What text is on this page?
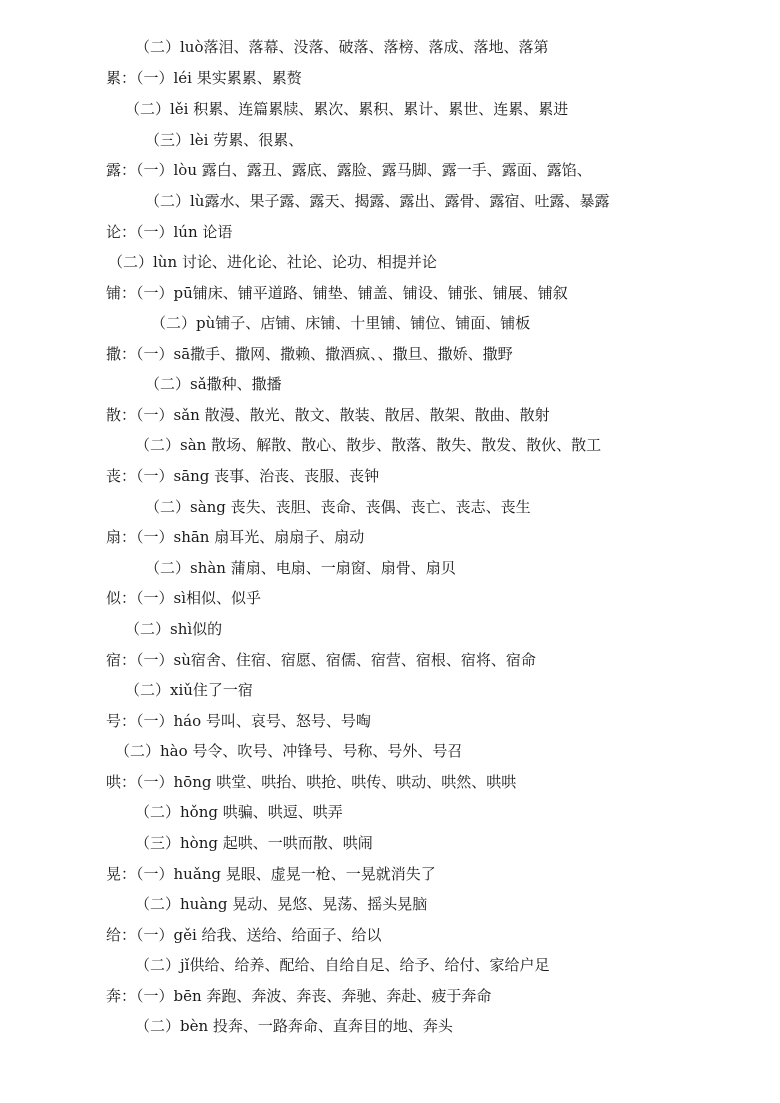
（二）luò落泪、落幕、没落、破落、落榜、落成、落地、落第
累：（一）léi 果实累累、累赘
（二）lěi 积累、连篇累牍、累次、累积、累计、累世、连累、累进
（三）lèi 劳累、很累、
露：（一）lòu 露白、露丑、露底、露脸、露马脚、露一手、露面、露馅、
（二）lù露水、果子露、露天、揭露、露出、露骨、露宿、吐露、暴露
论：（一）lún 论语
（二）lùn 讨论、进化论、社论、论功、相提并论
铺：（一）pū铺床、铺平道路、铺垫、铺盖、铺设、铺张、铺展、铺叙
（二）pù铺子、店铺、床铺、十里铺、铺位、铺面、铺板
撒：（一）sā撒手、撒网、撒赖、撒酒疯、、撒旦、撒娇、撒野
（二）sǎ撒种、撒播
散：（一）sǎn 散漫、散光、散文、散装、散居、散架、散曲、散射
（二）sàn 散场、解散、散心、散步、散落、散失、散发、散伙、散工
丧：（一）sāng 丧事、治丧、丧服、丧钟
（二）sàng 丧失、丧胆、丧命、丧偶、丧亡、丧志、丧生
扇：（一）shān 扇耳光、扇扇子、扇动
（二）shàn 蒲扇、电扇、一扇窗、扇骨、扇贝
似：（一）sì相似、似乎
（二）shì似的
宿：（一）sù宿舍、住宿、宿愿、宿儒、宿营、宿根、宿将、宿命
（二）xiǔ住了一宿
号：（一）háo 号叫、哀号、怒号、号啕
（二）hào 号令、吹号、冲锋号、号称、号外、号召
哄：（一）hōng 哄堂、哄抬、哄抢、哄传、哄动、哄然、哄哄
（二）hǒng 哄骗、哄逗、哄弄
（三）hòng 起哄、一哄而散、哄闹
晃：（一）huǎng 晃眼、虚晃一枪、一晃就消失了
（二）huàng 晃动、晃悠、晃荡、摇头晃脑
给：（一）gěi 给我、送给、给面子、给以
（二）jǐ供给、给养、配给、自给自足、给予、给付、家给户足
奔：（一）bēn 奔跑、奔波、奔丧、奔驰、奔赴、疲于奔命
（二）bèn 投奔、一路奔命、直奔目的地、奔头
